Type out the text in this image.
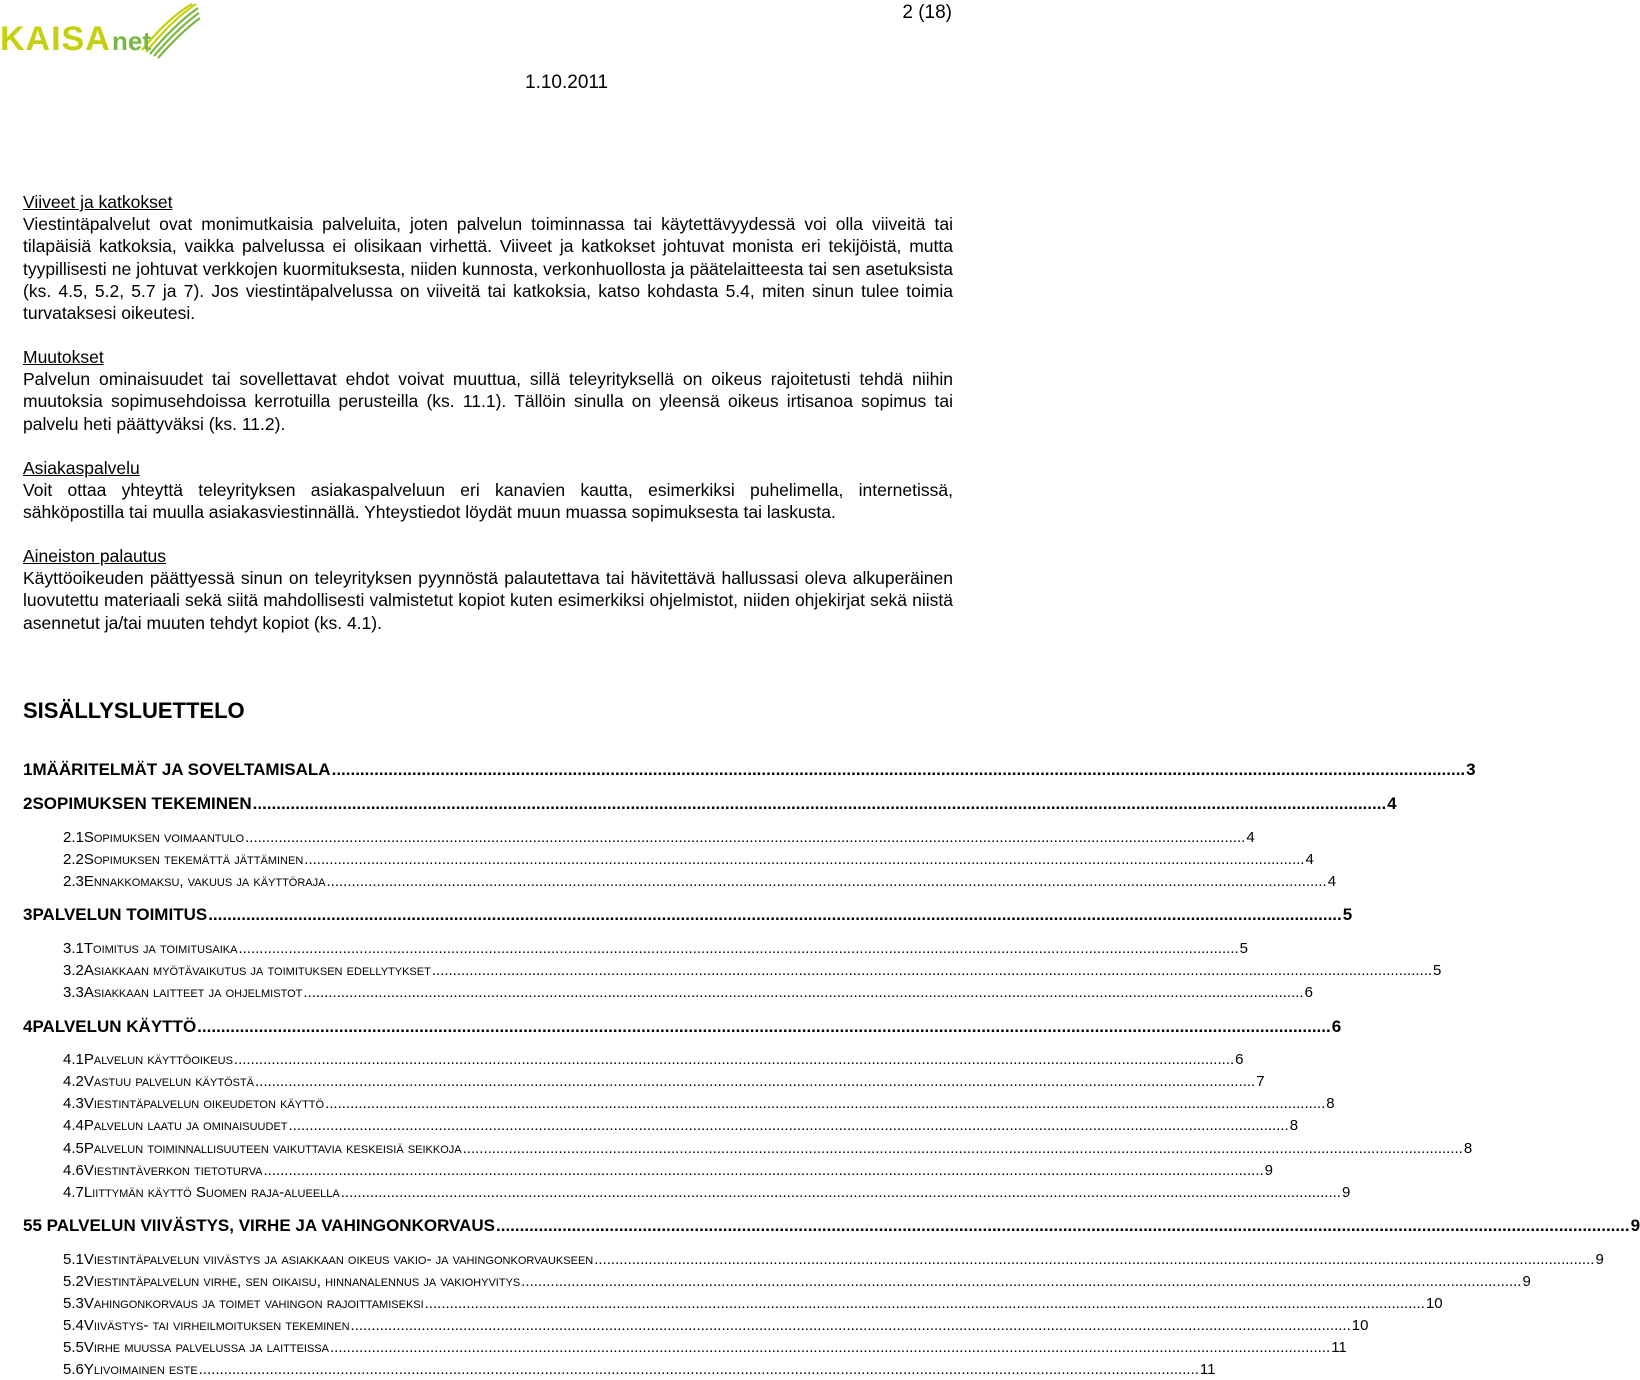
KAISA net
2 (18)
1.10.2011
Viiveet ja katkokset

Viestintäpalvelut ovat monimutkaisia palveluita, joten palvelun toiminnassa tai käytettävyydessä voi olla viiveitä tai tilapäisiä katkoksia, vaikka palvelussa ei olisikaan virhettä. Viiveet ja katkokset johtuvat monista eri tekijöistä, mutta tyypillisesti ne johtuvat verkkojen kuormituksesta, niiden kunnosta, verkonhuollosta ja päätelaitteesta tai sen asetuksista (ks. 4.5, 5.2, 5.7 ja 7). Jos viestintäpalvelussa on viiveitä tai katkoksia, katso kohdasta 5.4, miten sinun tulee toimia turvataksesi oikeutesi.

Muutokset

Palvelun ominaisuudet tai sovellettavat ehdot voivat muuttua, sillä teleyrityksellä on oikeus rajoitetusti tehdä niihin muutoksia sopimusehdoissa kerrotuilla perusteilla (ks. 11.1). Tällöin sinulla on yleensä oikeus irtisanoa sopimus tai palvelu heti päättyväksi (ks. 11.2).

Asiakaspalvelu

Voit ottaa yhteyttä teleyrityksen asiakaspalveluun eri kanavien kautta, esimerkiksi puhelimella, internetissä, sähköpostilla tai muulla asiakasviestinnällä. Yhteystiedot löydät muun muassa sopimuksesta tai laskusta.

Aineiston palautus

Käyttöoikeuden päättyessä sinun on teleyrityksen pyynnöstä palautettava tai hävitettävä hallussasi oleva alkuperäinen luovutettu materiaali sekä siitä mahdollisesti valmistetut kopiot kuten esimerkiksi ohjelmistot, niiden ohjekirjat sekä niistä asennetut ja/tai muuten tehdyt kopiot (ks. 4.1).

SISÄLLYSLUETTELO
1 MÄÄRITELMÄT JA SOVELTAMISALA .....	3
2 SOPIMUKSEN TEKEMINEN .....	4
2.1 Sopimuksen voimaantulo .....	4
2.2 Sopimuksen tekemättä jättäminen .....	4
2.3 Ennakkomaksu, vakuus ja käyttöraja .....	4
3 PALVELUN TOIMITUS .....	5
3.1 Toimitus ja toimitusaika .....	5
3.2 Asiakkaan myötävaikutus ja toimituksen edellytykset .....	5
3.3 Asiakkaan laitteet ja ohjelmistot .....	6
4 PALVELUN KÄYTTÖ .....	6
4.1 Palvelun käyttöoikeus .....	6
4.2 Vastuu palvelun käytöstä .....	7
4.3 Viestintäpalvelun oikeudeton käyttö .....	8
4.4 Palvelun laatu ja ominaisuudet .....	8
4.5 Palvelun toiminnallisuuteen vaikuttavia keskeisiä seikkoja .....	8
4.6 Viestintäverkon tietoturva .....	9
4.7 Liittymän käyttö Suomen raja-alueella .....	9
5 5 PALVELUN VIIVÄSTYS, VIRHE JA VAHINGONKORVAUS .....	9
5.1 Viestintäpalvelun viivästys ja asiakkaan oikeus vakio- ja vahingonkorvaukseen .....	9
5.2 Viestintäpalvelun virhe, sen oikaisu, hinnanalennus ja vakiohyvitys .....	9
5.3 Vahingonkorvaus ja toimet vahingon rajoittamiseksi .....	10
5.4 Viivästys- tai virheilmoituksen tekeminen .....	10
5.5 Virhe muussa palvelussa ja laitteissa .....	11
5.6 Ylivoimainen este .....	11
